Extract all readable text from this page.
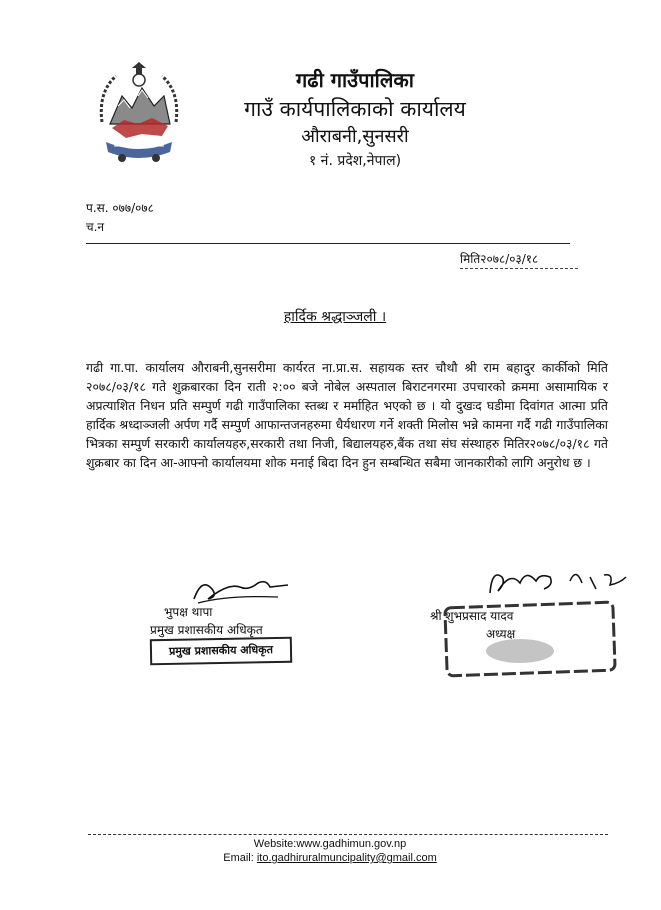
गढी गाउँपालिका
गाउँ कार्यपालिकाको कार्यालय
औराबनी,सुनसरी
१ नं. प्रदेश,नेपाल)
प.स. ०७७/०७८
च.न
मिति२०७८/०३/१८
हार्दिक श्रद्धाञ्जली ।
गढी गा.पा. कार्यालय औराबनी,सुनसरीमा कार्यरत ना.प्रा.स. सहायक स्तर चौथौ श्री राम बहादुर कार्कीको मिति २०७८/०३/१८ गते शुक्रबारका दिन राती २:०० बजे नोबेल अस्पताल बिराटनगरमा उपचारको क्रममा असामायिक र अप्रत्याशित निधन प्रति सम्पुर्ण गढी गाउँपालिका स्तब्ध र मर्माहित भएको छ । यो दुखःद घडीमा दिवांगत आत्मा प्रति हार्दिक श्रध्दाञ्जली अर्पण गर्दै सम्पुर्ण आफान्तजनहरुमा धैर्यधारण गर्ने शक्ती मिलोस भन्ने कामना गर्दै गढी गाउँपालिका भित्रका सम्पुर्ण सरकारी कार्यालयहरु,सरकारी तथा निजी, बिद्यालयहरु,बैंक तथा संघ संस्थाहरु मितिर२०७८/०३/१८ गते शुक्रबार का दिन आ-आफ्नो कार्यालयमा शोक मनाई बिदा दिन हुन सम्बन्धित सबैमा जानकारीको लागि अनुरोध छ ।
भुपक्ष थापा
प्रमुख प्रशासकीय अधिकृत
प्रमुख प्रशासकीय अधिकृत
श्री शुभप्रसाद यादव
अध्यक्ष
Website:www.gadhimun.gov.np
Email: ito.gadhiruralmuncipality@gmail.com
